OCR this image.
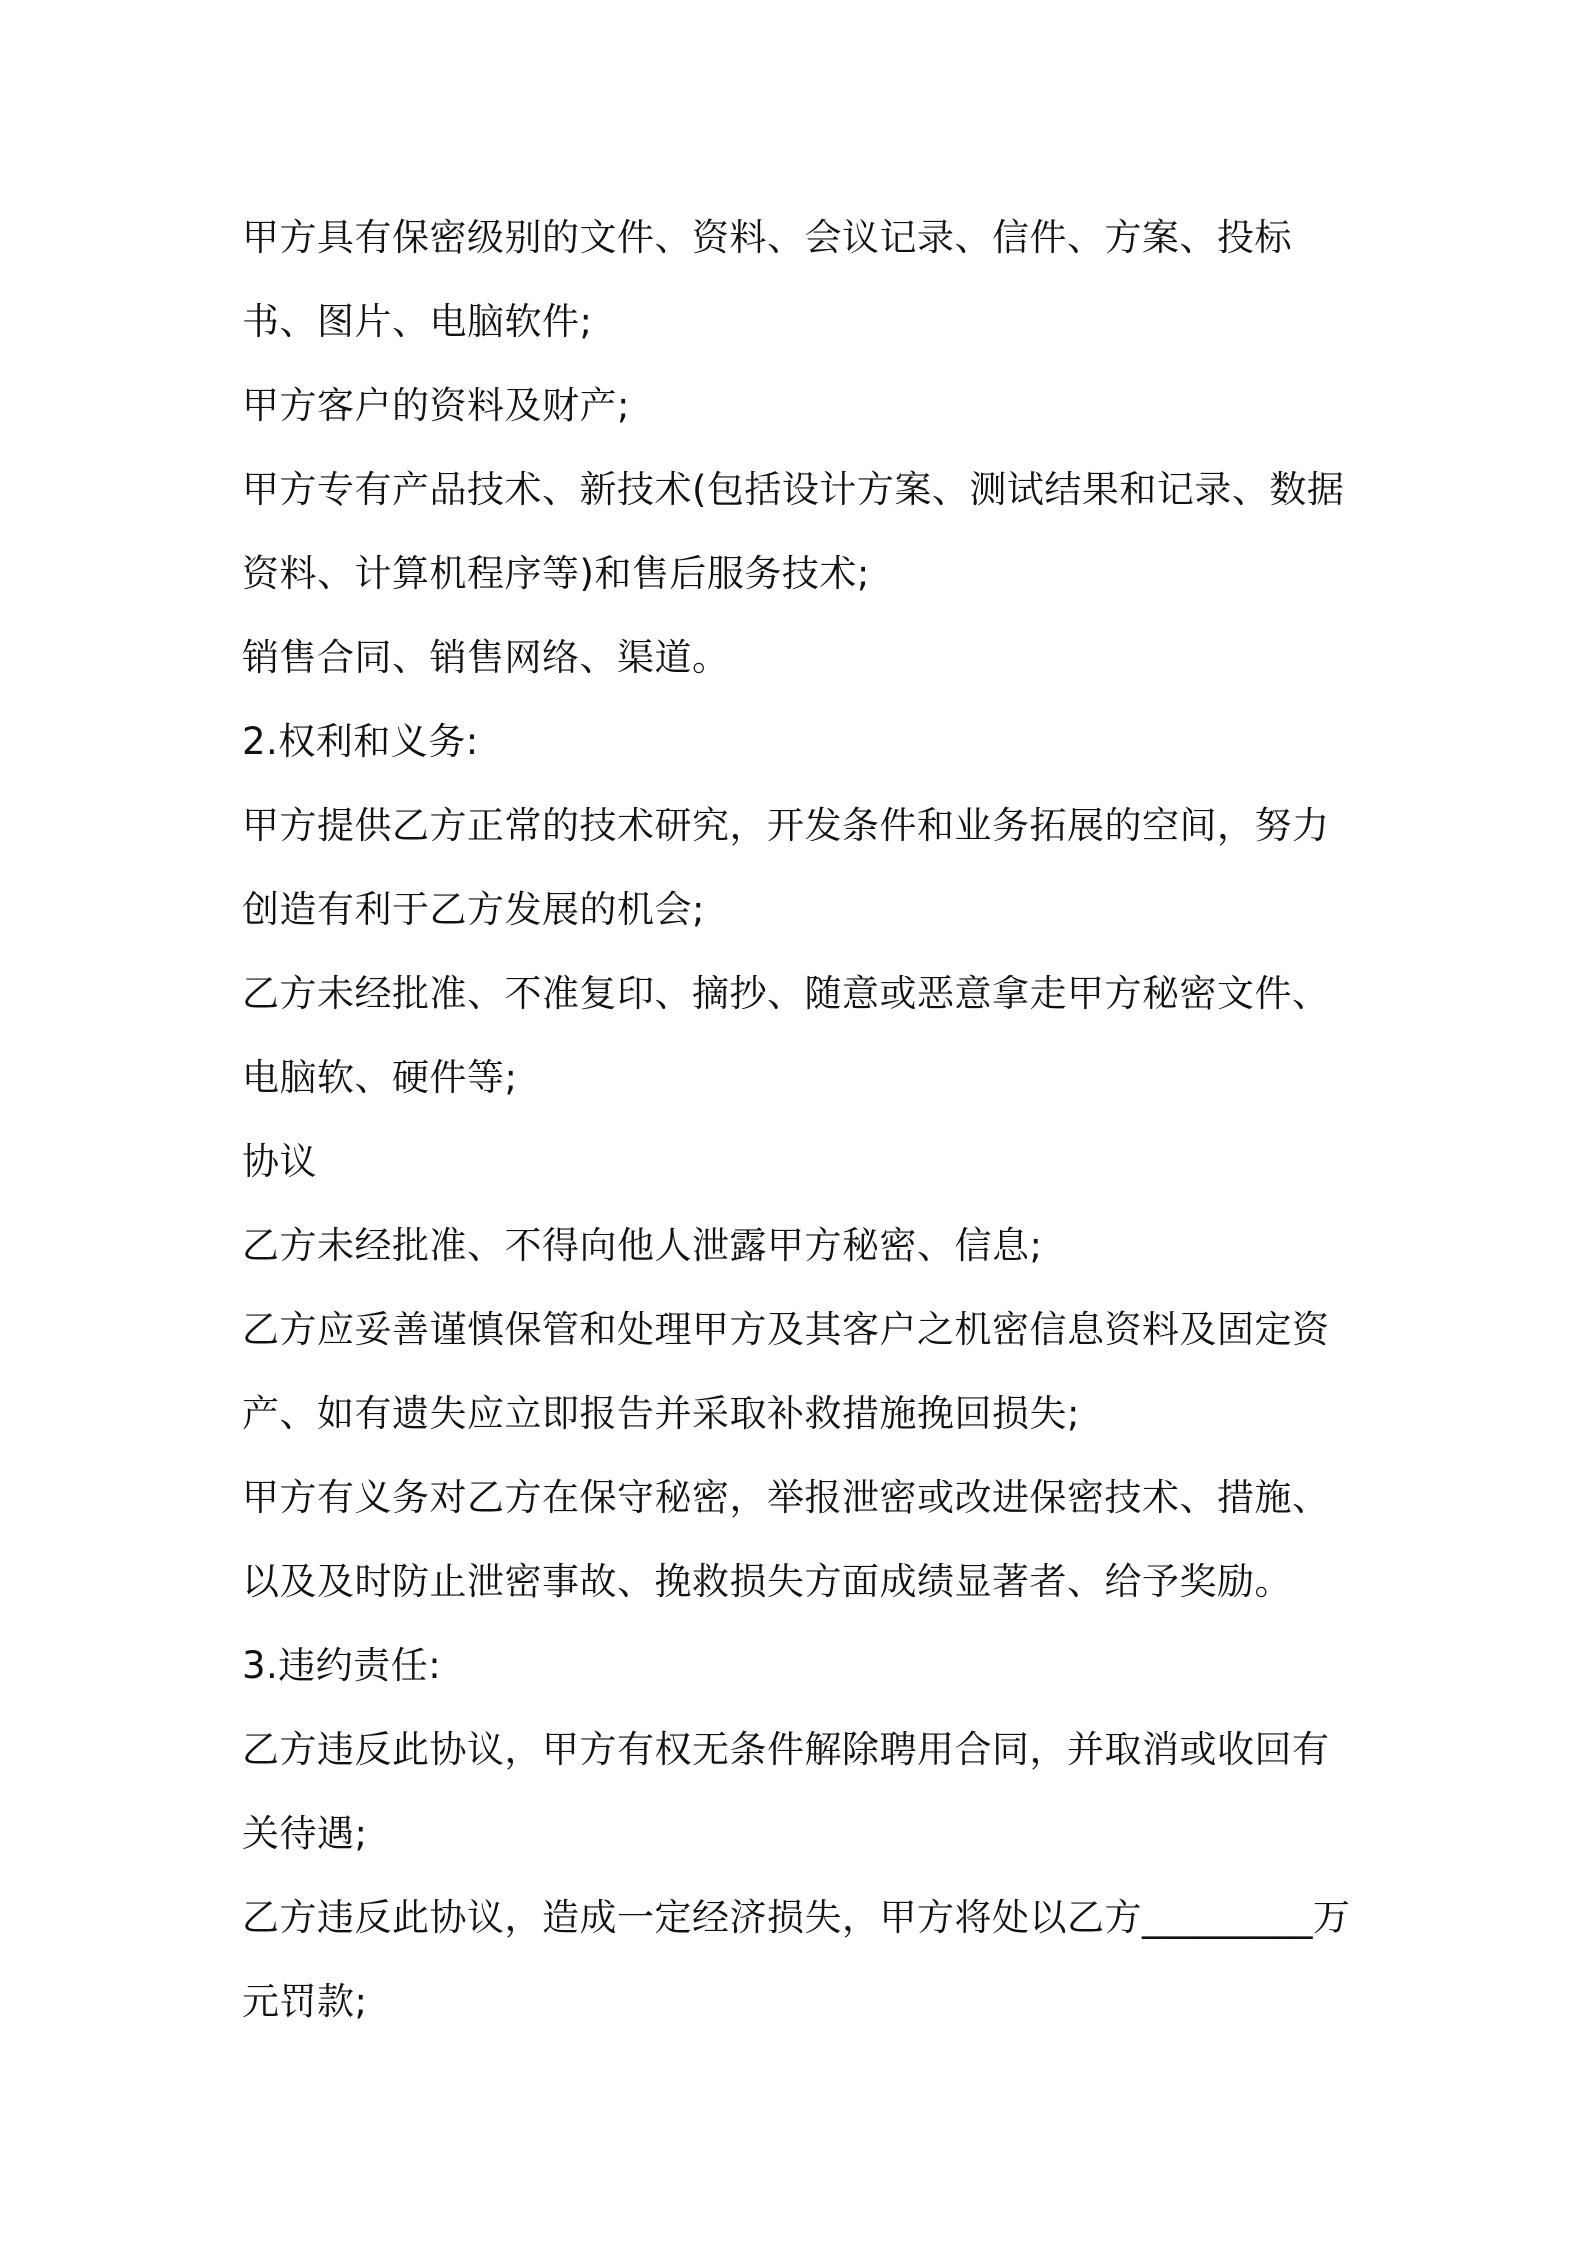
甲方具有保密级别的文件、资料、会议记录、信件、方案、投标书、图片、电脑软件;

甲方客户的资料及财产;

甲方专有产品技术、新技术(包括设计方案、测试结果和记录、数据资料、计算机程序等)和售后服务技术;

销售合同、销售网络、渠道。

2.权利和义务:

甲方提供乙方正常的技术研究，开发条件和业务拓展的空间，努力创造有利于乙方发展的机会;

乙方未经批准、不准复印、摘抄、随意或恶意拿走甲方秘密文件、电脑软、硬件等;

协议

乙方未经批准、不得向他人泄露甲方秘密、信息;

乙方应妥善谨慎保管和处理甲方及其客户之机密信息资料及固定资产、如有遗失应立即报告并采取补救措施挽回损失;

甲方有义务对乙方在保守秘密，举报泄密或改进保密技术、措施、以及及时防止泄密事故、挽救损失方面成绩显著者、给予奖励。

3.违约责任:

乙方违反此协议，甲方有权无条件解除聘用合同，并取消或收回有关待遇;

乙方违反此协议，造成一定经济损失，甲方将处以乙方_________万元罚款;
